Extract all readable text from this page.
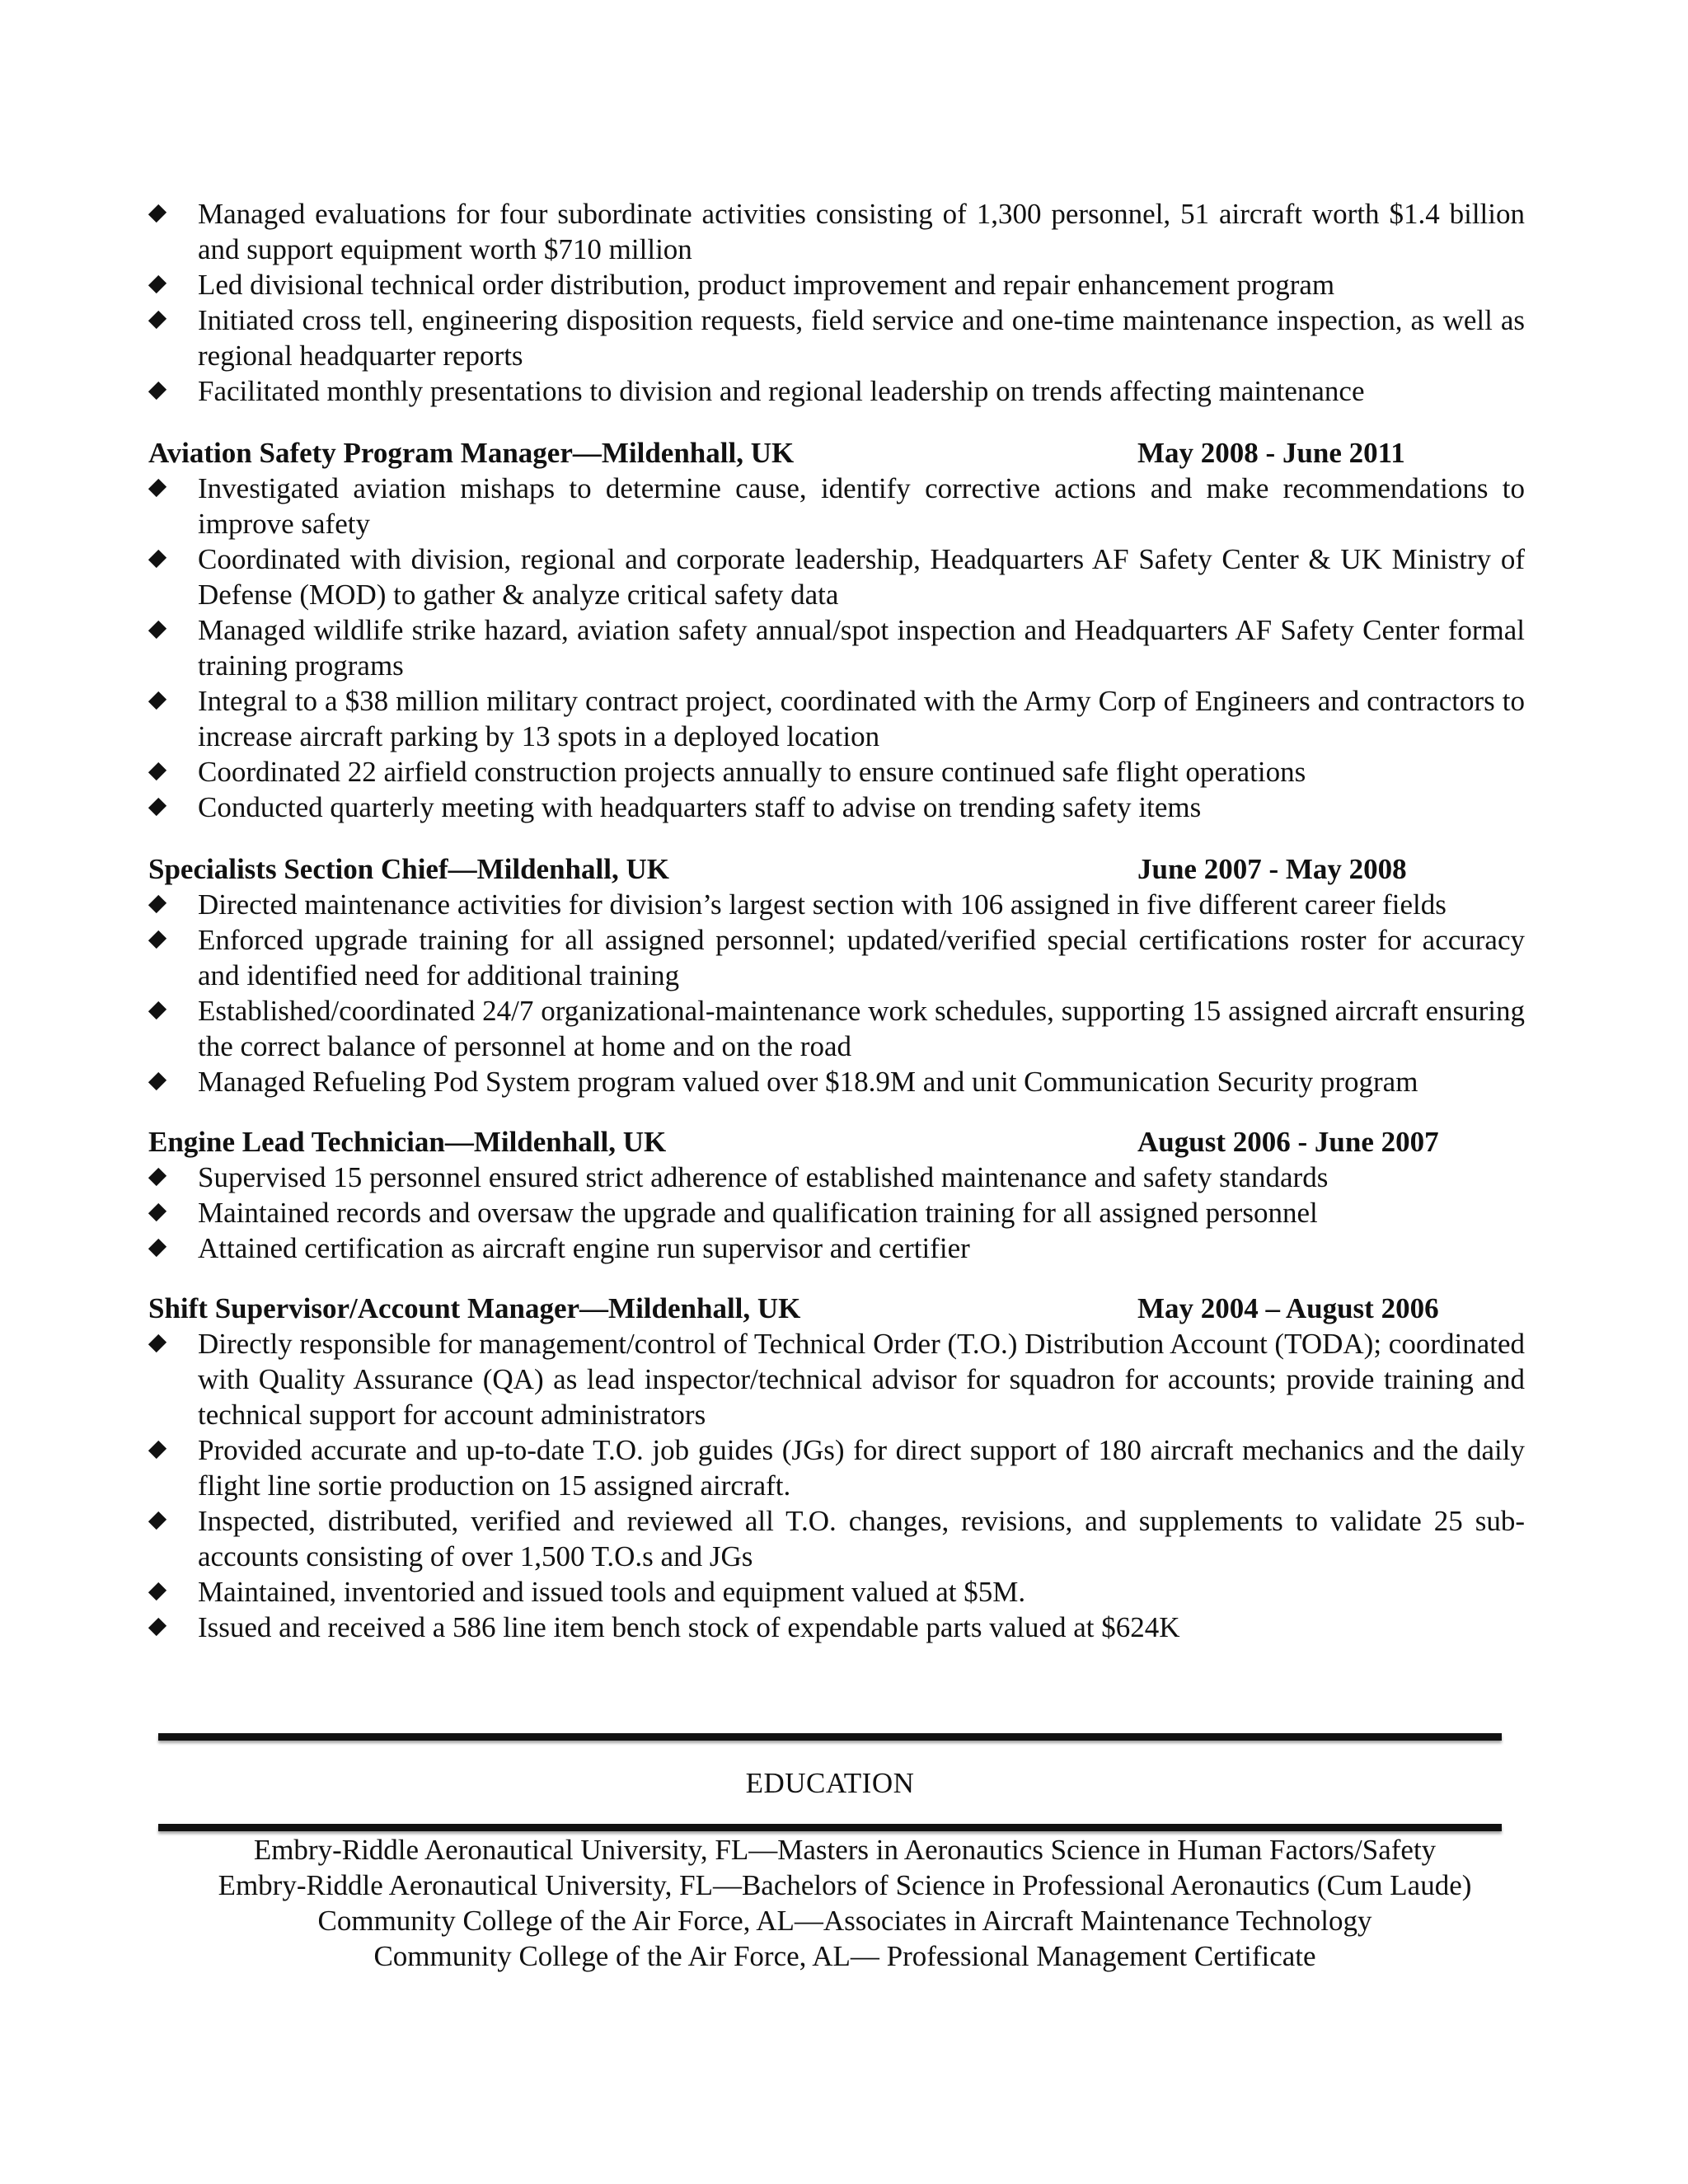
Managed evaluations for four subordinate activities consisting of 1,300 personnel, 51 aircraft worth $1.4 billion and support equipment worth $710 million
Led divisional technical order distribution, product improvement and repair enhancement program
Initiated cross tell, engineering disposition requests, field service and one-time maintenance inspection, as well as regional headquarter reports
Facilitated monthly presentations to division and regional leadership on trends affecting maintenance
Aviation Safety Program Manager—Mildenhall, UK	May 2008 - June 2011
Investigated aviation mishaps to determine cause, identify corrective actions and make recommendations to improve safety
Coordinated with division, regional and corporate leadership, Headquarters AF Safety Center & UK Ministry of Defense (MOD) to gather & analyze critical safety data
Managed wildlife strike hazard, aviation safety annual/spot inspection and Headquarters AF Safety Center formal training programs
Integral to a $38 million military contract project, coordinated with the Army Corp of Engineers and contractors to increase aircraft parking by 13 spots in a deployed location
Coordinated 22 airfield construction projects annually to ensure continued safe flight operations
Conducted quarterly meeting with headquarters staff to advise on trending safety items
Specialists Section Chief—Mildenhall, UK	June 2007 - May 2008
Directed maintenance activities for division’s largest section with 106 assigned in five different career fields
Enforced upgrade training for all assigned personnel; updated/verified special certifications roster for accuracy and identified need for additional training
Established/coordinated 24/7 organizational-maintenance work schedules, supporting 15 assigned aircraft ensuring the correct balance of personnel at home and on the road
Managed Refueling Pod System program valued over $18.9M and unit Communication Security program
Engine Lead Technician—Mildenhall, UK	August 2006 - June 2007
Supervised 15 personnel ensured strict adherence of established maintenance and safety standards
Maintained records and oversaw the upgrade and qualification training for all assigned personnel
Attained certification as aircraft engine run supervisor and certifier
Shift Supervisor/Account Manager—Mildenhall, UK	May 2004 – August 2006
Directly responsible for management/control of Technical Order (T.O.) Distribution Account (TODA); coordinated with Quality Assurance (QA) as lead inspector/technical advisor for squadron for accounts; provide training and technical support for account administrators
Provided accurate and up-to-date T.O. job guides (JGs) for direct support of 180 aircraft mechanics and the daily flight line sortie production on 15 assigned aircraft.
Inspected, distributed, verified and reviewed all T.O. changes, revisions, and supplements to validate 25 sub-accounts consisting of over 1,500 T.O.s and JGs
Maintained, inventoried and issued tools and equipment valued at $5M.
Issued and received a 586 line item bench stock of expendable parts valued at $624K
EDUCATION
Embry-Riddle Aeronautical University, FL—Masters in Aeronautics Science in Human Factors/Safety
Embry-Riddle Aeronautical University, FL—Bachelors of Science in Professional Aeronautics (Cum Laude)
Community College of the Air Force, AL—Associates in Aircraft Maintenance Technology
Community College of the Air Force, AL— Professional Management Certificate
